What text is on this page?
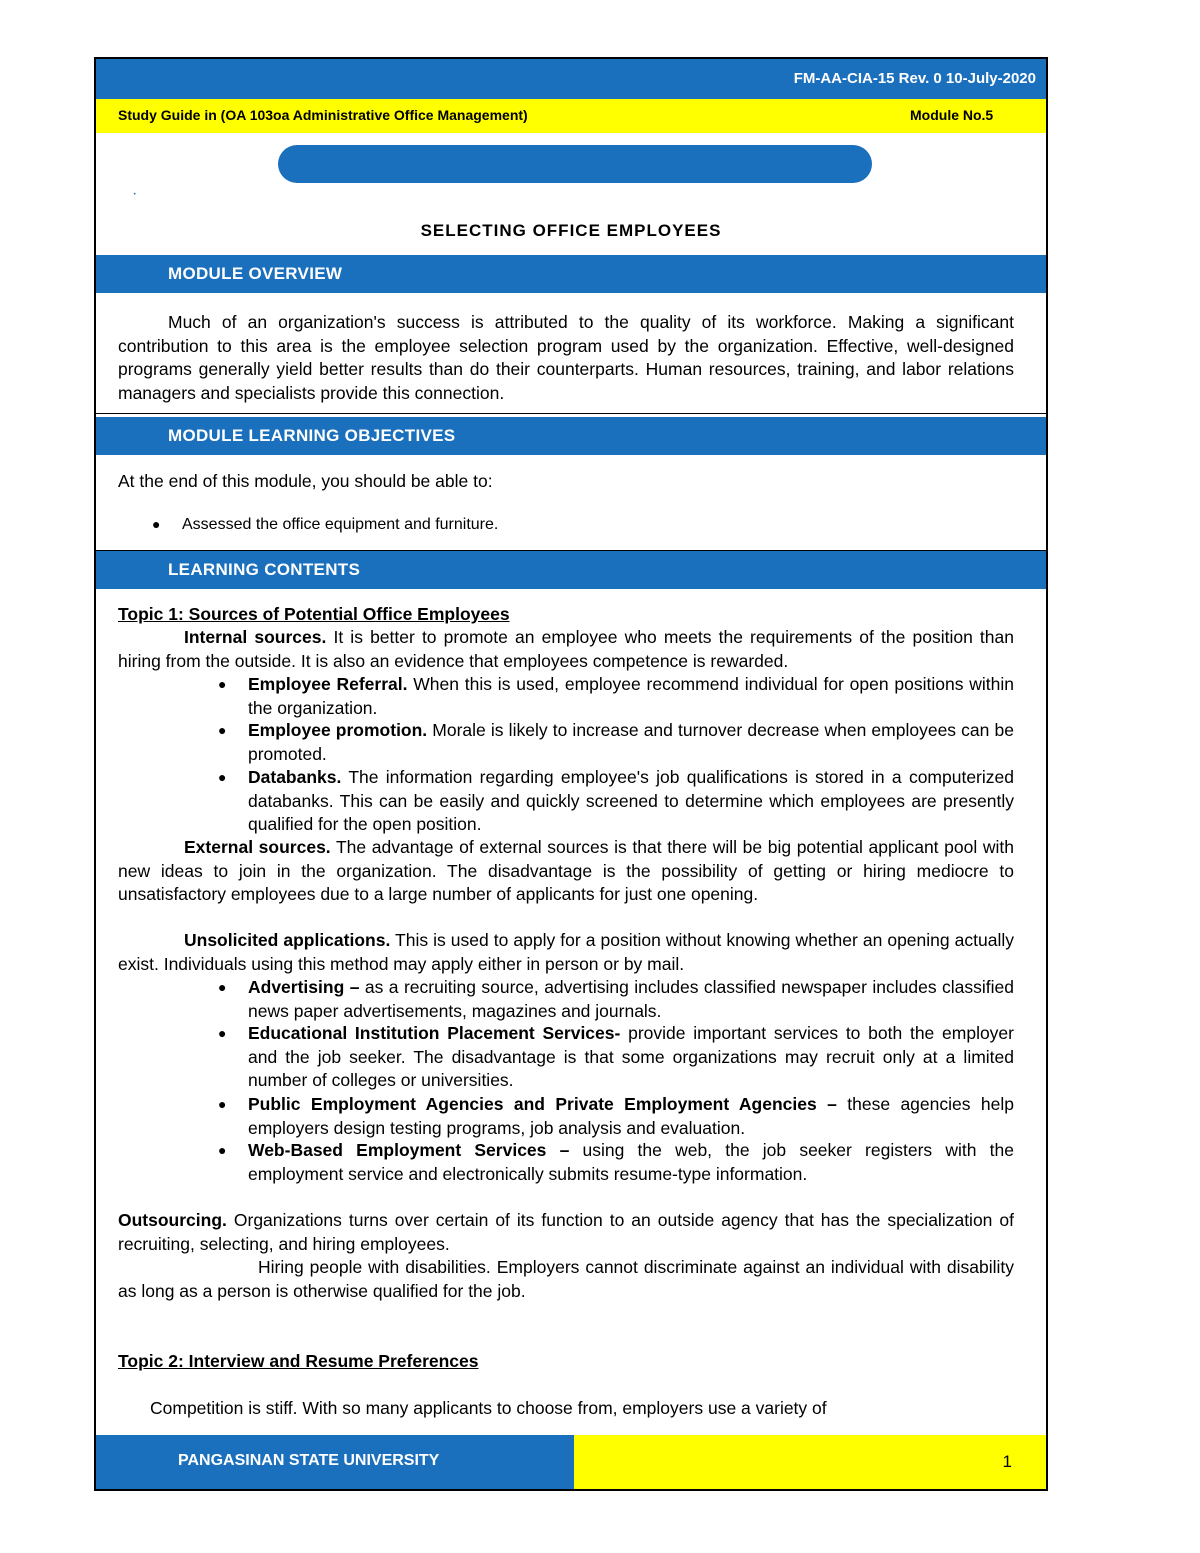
FM-AA-CIA-15 Rev. 0 10-July-2020
Study Guide in (OA 103oa Administrative Office Management)	Module No.5
·
SELECTING OFFICE EMPLOYEES
MODULE OVERVIEW
Much of an organization's success is attributed to the quality of its workforce. Making a significant contribution to this area is the employee selection program used by the organization. Effective, well-designed programs generally yield better results than do their counterparts. Human resources, training, and labor relations managers and specialists provide this connection.
MODULE LEARNING OBJECTIVES
At the end of this module, you should be able to:
● Assessed the office equipment and furniture.
LEARNING CONTENTS
Topic 1: Sources of Potential Office Employees
Internal sources. It is better to promote an employee who meets the requirements of the position than hiring from the outside. It is also an evidence that employees competence is rewarded.
● Employee Referral. When this is used, employee recommend individual for open positions within the organization.
● Employee promotion. Morale is likely to increase and turnover decrease when employees can be promoted.
● Databanks. The information regarding employee's job qualifications is stored in a computerized databanks. This can be easily and quickly screened to determine which employees are presently qualified for the open position.
External sources. The advantage of external sources is that there will be big potential applicant pool with new ideas to join in the organization. The disadvantage is the possibility of getting or hiring mediocre to unsatisfactory employees due to a large number of applicants for just one opening.
Unsolicited applications. This is used to apply for a position without knowing whether an opening actually exist. Individuals using this method may apply either in person or by mail.
● Advertising – as a recruiting source, advertising includes classified newspaper includes classified news paper advertisements, magazines and journals.
● Educational Institution Placement Services- provide important services to both the employer and the job seeker. The disadvantage is that some organizations may recruit only at a limited number of colleges or universities.
● Public Employment Agencies and Private Employment Agencies – these agencies help employers design testing programs, job analysis and evaluation.
● Web-Based Employment Services – using the web, the job seeker registers with the employment service and electronically submits resume-type information.
Outsourcing. Organizations turns over certain of its function to an outside agency that has the specialization of recruiting, selecting, and hiring employees.
Hiring people with disabilities. Employers cannot discriminate against an individual with disability as long as a person is otherwise qualified for the job.
Topic 2: Interview and Resume Preferences
Competition is stiff. With so many applicants to choose from, employers use a variety of
PANGASINAN STATE UNIVERSITY	1
